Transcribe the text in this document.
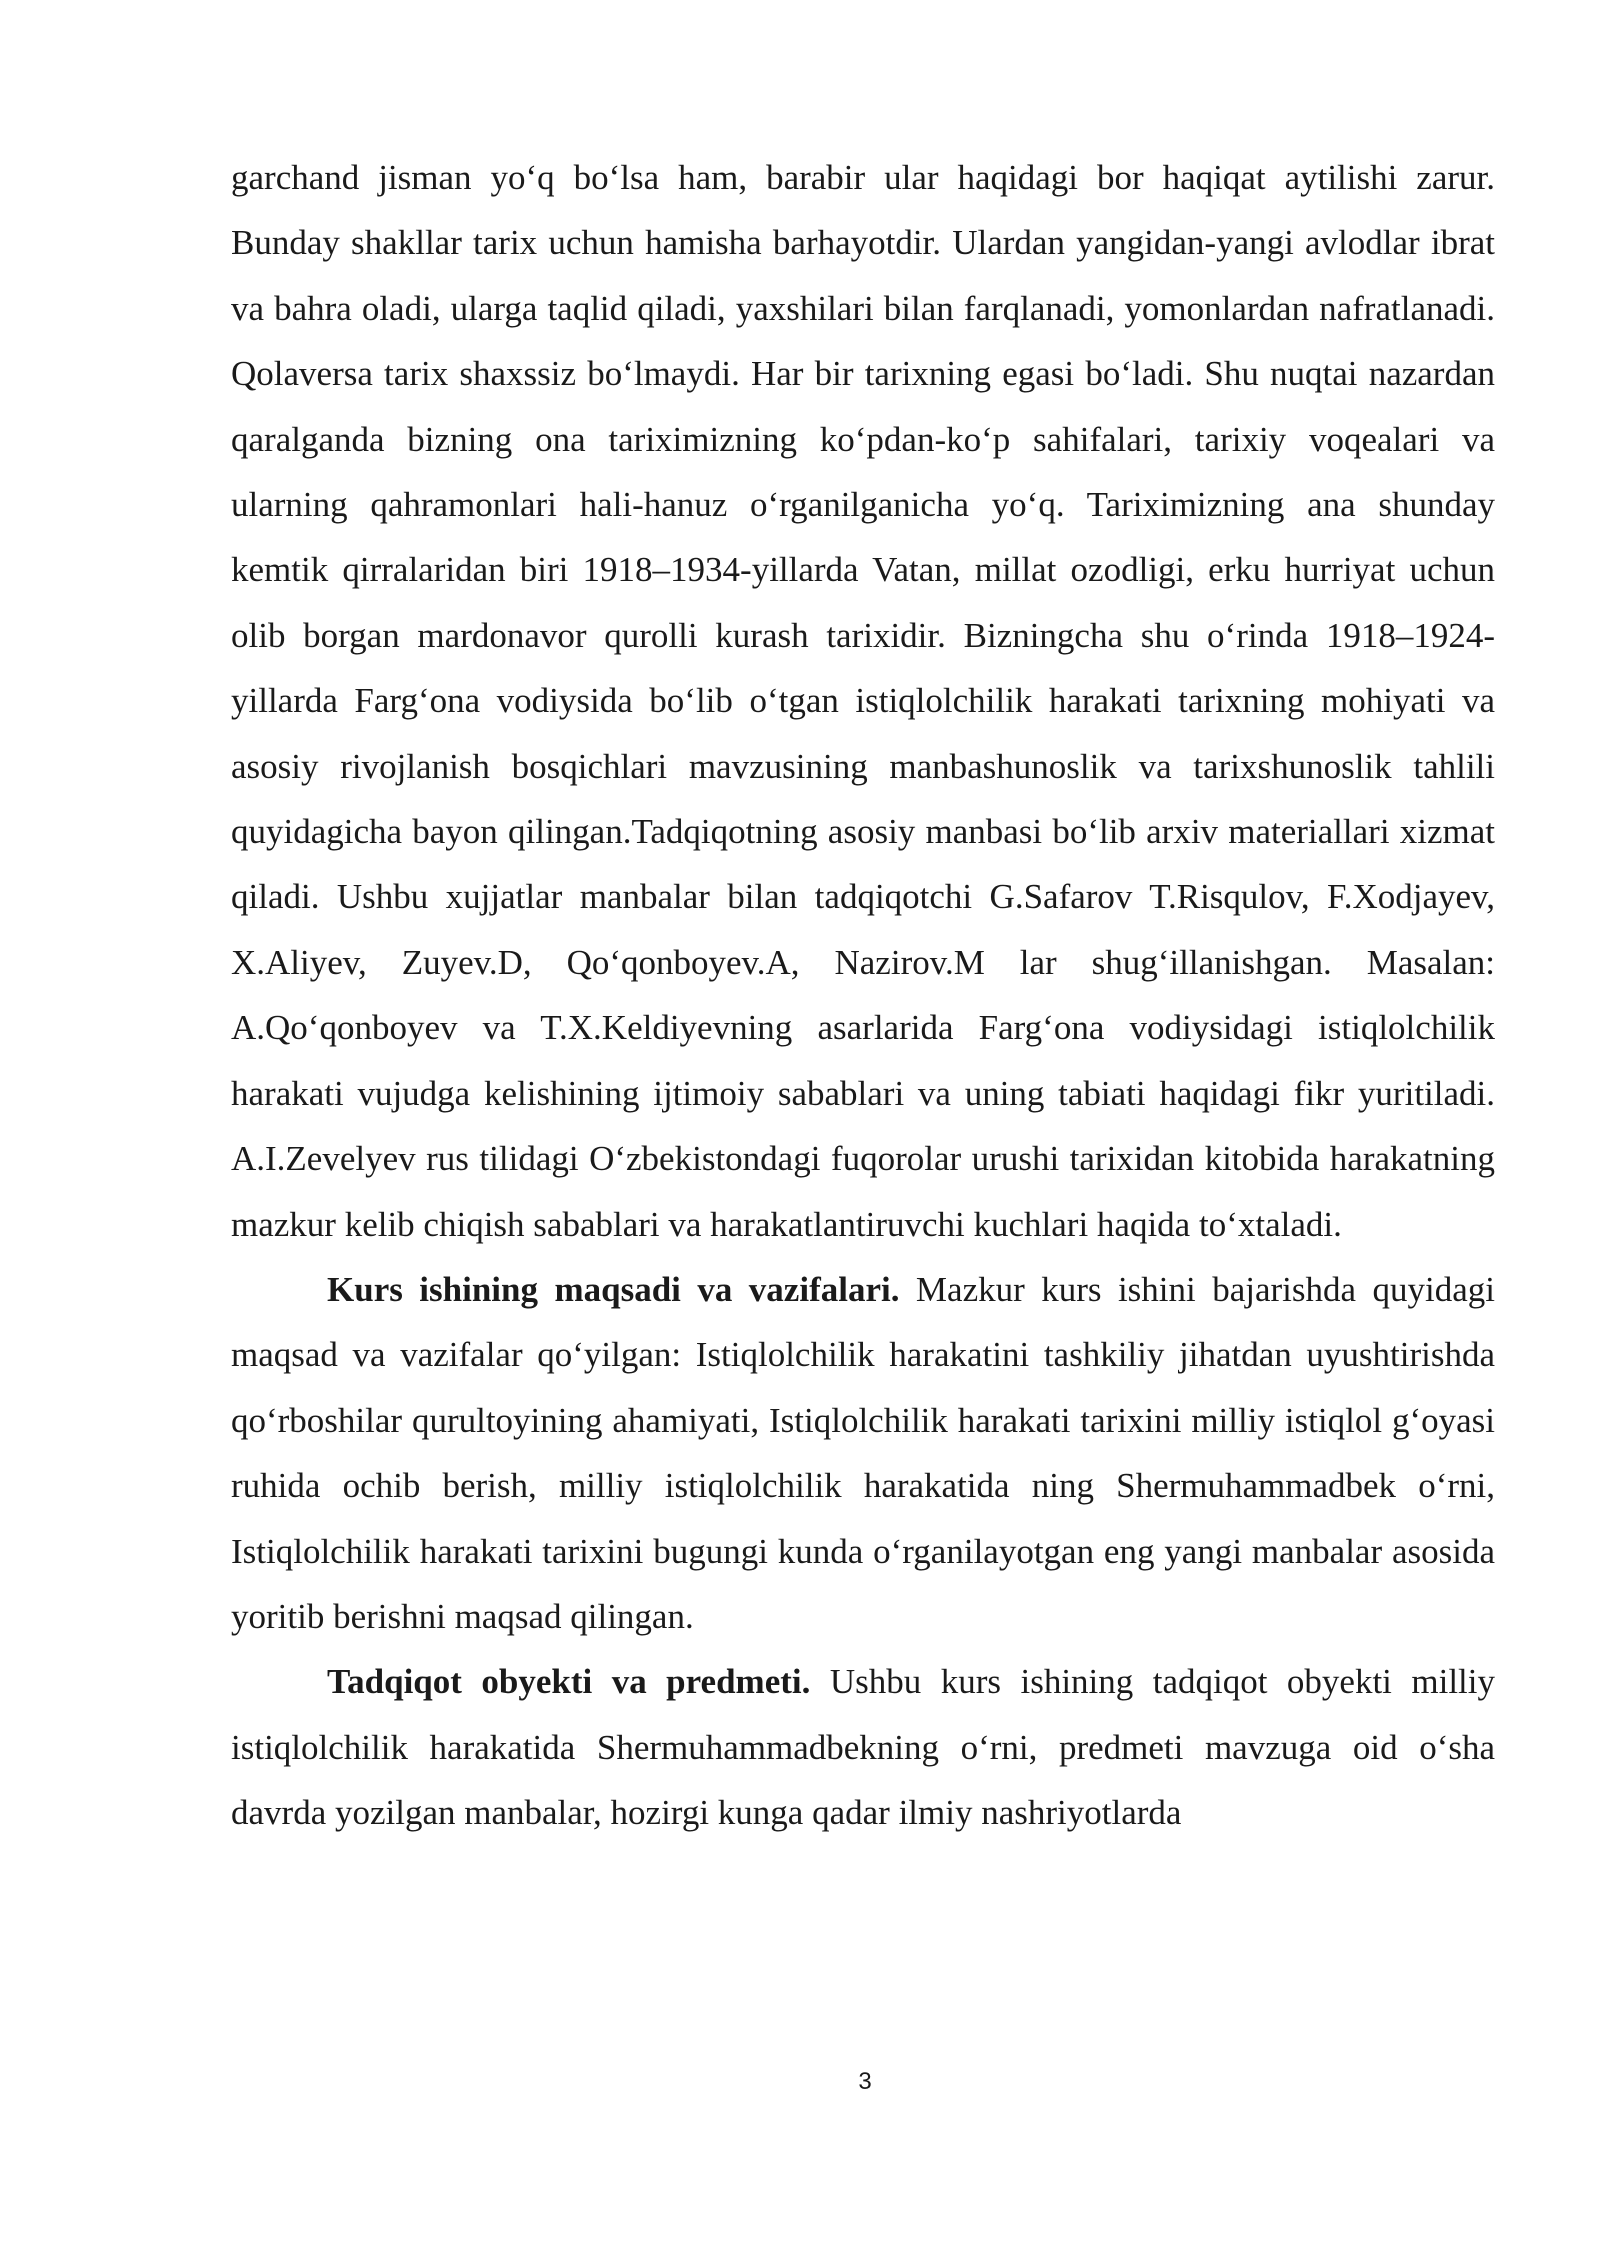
garchand jisman yo‘q bo‘lsa ham, barabir ular haqidagi bor haqiqat aytilishi zarur. Bunday shakllar tarix uchun hamisha barhayotdir. Ulardan yangidan-yangi avlodlar ibrat va bahra oladi, ularga taqlid qiladi, yaxshilari bilan farqlanadi, yomonlardan nafratlanadi. Qolaversa tarix shaxssiz bo‘lmaydi. Har bir tarixning egasi bo‘ladi. Shu nuqtai nazardan qaralganda bizning ona tariximizning ko‘pdan-ko‘p sahifalari, tarixiy voqealari va ularning qahramonlari hali-hanuz o‘rganilganicha yo‘q. Tariximizning ana shunday kemtik qirralaridan biri 1918–1934-yillarda Vatan, millat ozodligi, erku hurriyat uchun olib borgan mardonavor qurolli kurash tarixidir. Bizningcha shu o‘rinda 1918–1924-yillarda Farg‘ona vodiysida bo‘lib o‘tgan istiqlolchilik harakati tarixning mohiyati va asosiy rivojlanish bosqichlari mavzusining manbashunoslik va tarixshunoslik tahlili quyidagicha bayon qilingan.Tadqiqotning asosiy manbasi bo‘lib arxiv materiallari xizmat qiladi. Ushbu xujjatlar manbalar bilan tadqiqotchi G.Safarov T.Risqulov, F.Xodjayev, X.Aliyev, Zuyev.D, Qo‘qonboyev.A, Nazirov.M lar shug‘illanishgan. Masalan: A.Qo‘qonboyev va T.X.Keldiyevning asarlarida Farg‘ona vodiysidagi istiqlolchilik harakati vujudga kelishining ijtimoiy sabablari va uning tabiati haqidagi fikr yuritiladi. A.I.Zevelyev rus tilidagi O‘zbekistondagi fuqorolar urushi tarixidan kitobida harakatning mazkur kelib chiqish sabablari va harakatlantiruvchi kuchlari haqida to‘xtaladi.

Kurs ishining maqsadi va vazifalari. Mazkur kurs ishini bajarishda quyidagi maqsad va vazifalar qo‘yilgan: Istiqlolchilik harakatini tashkiliy jihatdan uyushtirishda qo‘rboshilar qurultoyining ahamiyati, Istiqlolchilik harakati tarixini milliy istiqlol g‘oyasi ruhida ochib berish, milliy istiqlolchilik harakatida ning Shermuhammadbek o‘rni, Istiqlolchilik harakati tarixini bugungi kunda o‘rganilayotgan eng yangi manbalar asosida yoritib berishni maqsad qilingan.

Tadqiqot obyekti va predmeti. Ushbu kurs ishining tadqiqot obyekti milliy istiqlolchilik harakatida Shermuhammadbekning o‘rni, predmeti mavzuga oid o‘sha davrda yozilgan manbalar, hozirgi kunga qadar ilmiy nashriyotlarda

3
